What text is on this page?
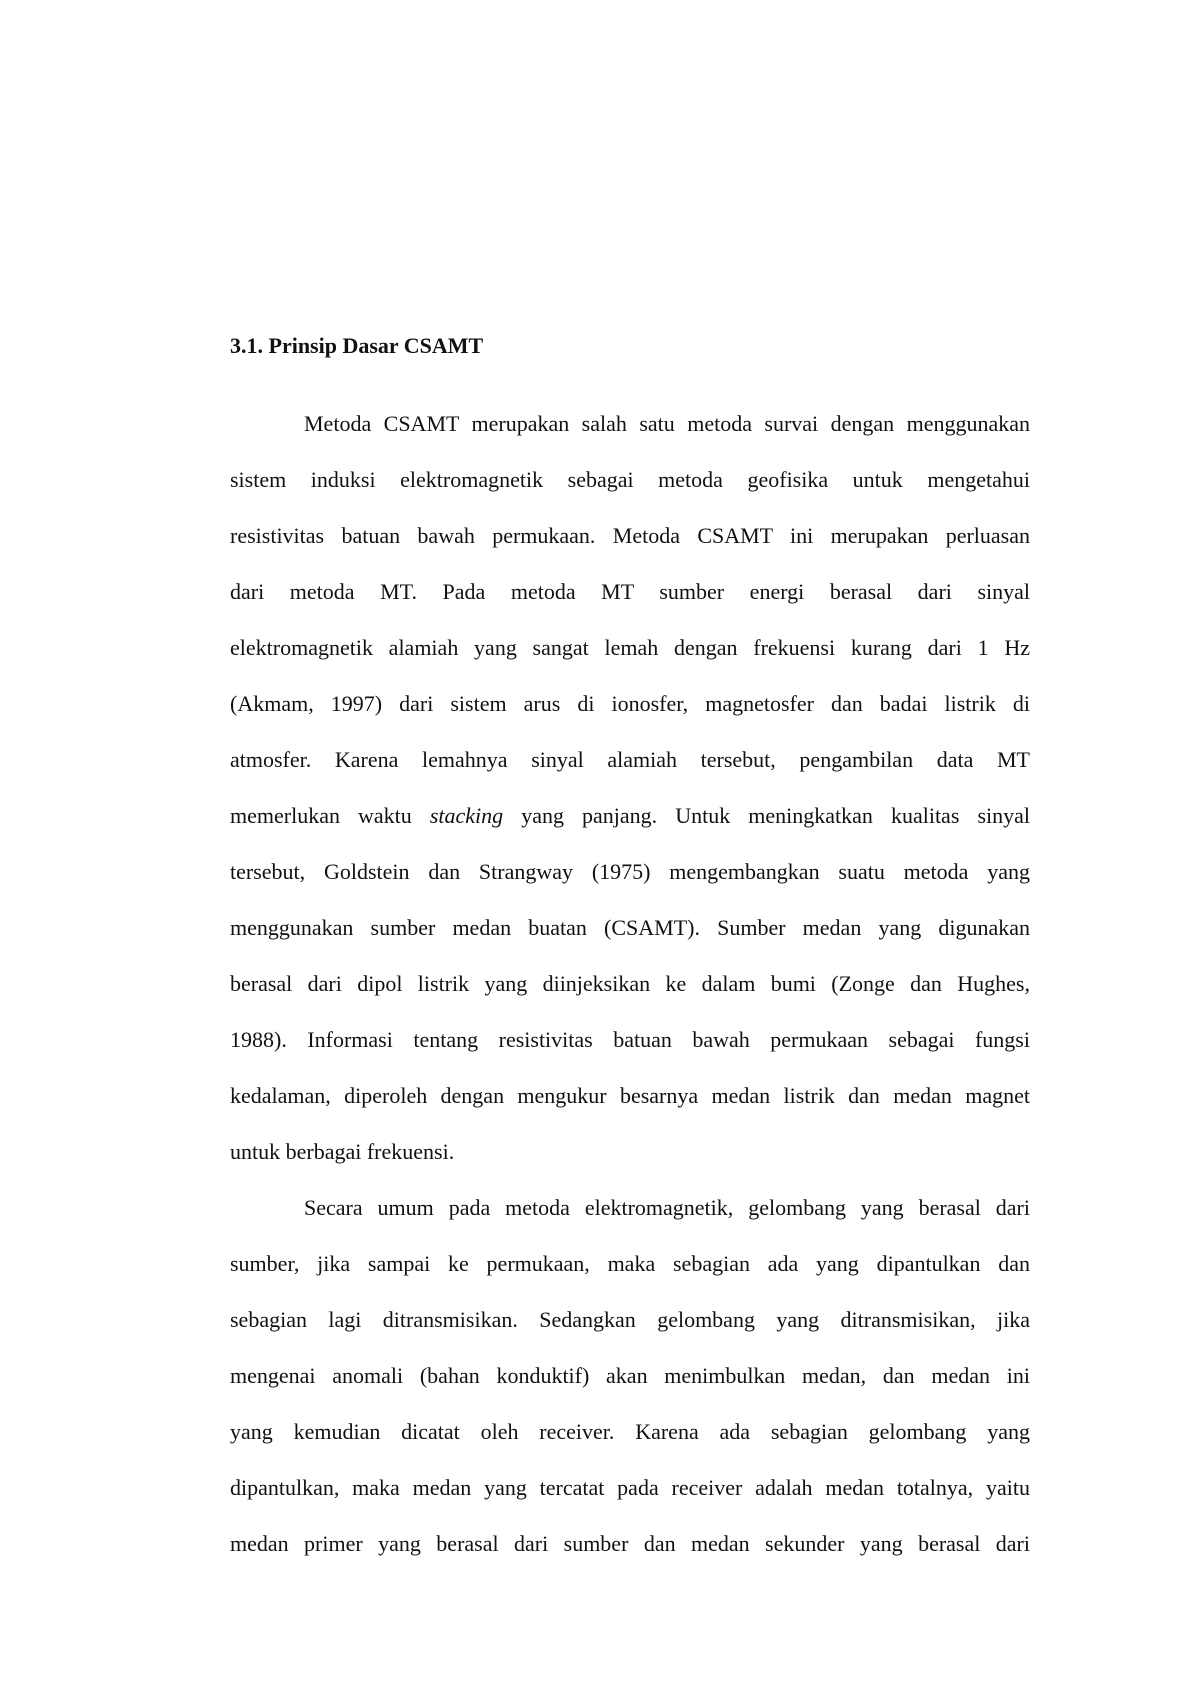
3.1. Prinsip Dasar CSAMT
Metoda CSAMT merupakan salah satu metoda survai dengan menggunakan
sistem induksi elektromagnetik sebagai metoda geofisika untuk mengetahui
resistivitas batuan bawah permukaan. Metoda CSAMT ini merupakan perluasan
dari metoda MT. Pada metoda MT sumber energi berasal dari sinyal
elektromagnetik alamiah yang sangat lemah dengan frekuensi kurang dari 1 Hz
(Akmam, 1997) dari sistem arus di ionosfer, magnetosfer dan badai listrik di
atmosfer. Karena lemahnya sinyal alamiah tersebut, pengambilan data MT
memerlukan waktu stacking yang panjang. Untuk meningkatkan kualitas sinyal
tersebut, Goldstein dan Strangway (1975) mengembangkan suatu metoda yang
menggunakan sumber medan buatan (CSAMT). Sumber medan yang digunakan
berasal dari dipol listrik yang diinjeksikan ke dalam bumi (Zonge dan Hughes,
1988). Informasi tentang resistivitas batuan bawah permukaan sebagai fungsi
kedalaman, diperoleh dengan mengukur besarnya medan listrik dan medan magnet
untuk berbagai frekuensi.
Secara umum pada metoda elektromagnetik, gelombang yang berasal dari
sumber, jika sampai ke permukaan, maka sebagian ada yang dipantulkan dan
sebagian lagi ditransmisikan. Sedangkan gelombang yang ditransmisikan, jika
mengenai anomali (bahan konduktif) akan menimbulkan medan, dan medan ini
yang kemudian dicatat oleh receiver. Karena ada sebagian gelombang yang
dipantulkan, maka medan yang tercatat pada receiver adalah medan totalnya, yaitu
medan primer yang berasal dari sumber dan medan sekunder yang berasal dari
